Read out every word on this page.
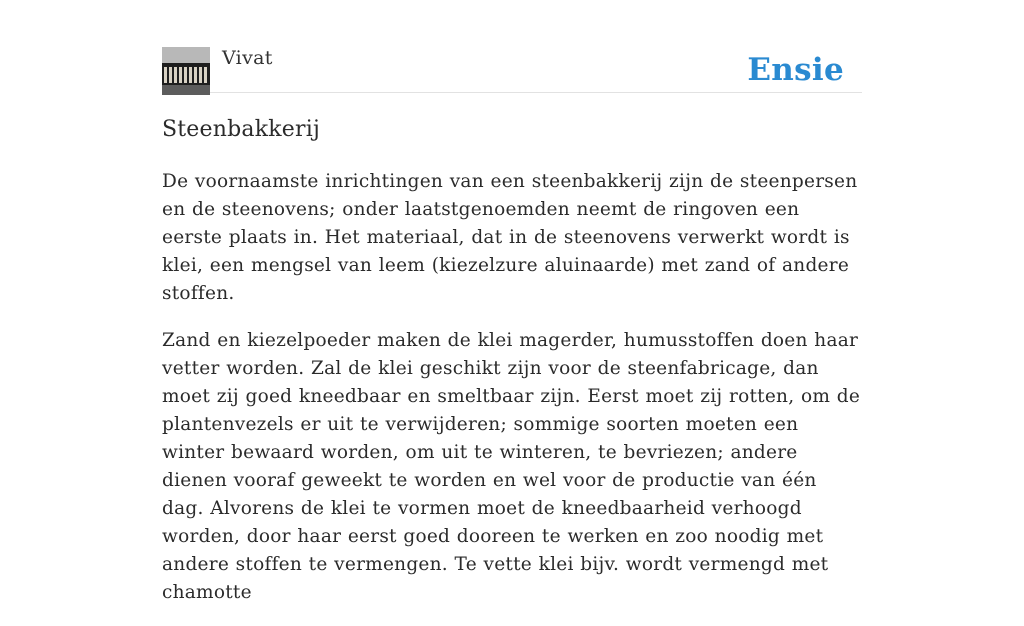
Vivat	Ensie
Steenbakkerij

De voornaamste inrichtingen van een steenbakkerij zijn de steenpersen en de steenovens; onder laatstgenoemden neemt de ringoven een eerste plaats in. Het materiaal, dat in de steenovens verwerkt wordt is klei, een mengsel van leem (kiezelzure aluinaarde) met zand of andere stoffen.

Zand en kiezelpoeder maken de klei magerder, humusstoffen doen haar vetter worden. Zal de klei geschikt zijn voor de steenfabricage, dan moet zij goed kneedbaar en smeltbaar zijn. Eerst moet zij rotten, om de plantenvezels er uit te verwijderen; sommige soorten moeten een winter bewaard worden, om uit te winteren, te bevriezen; andere dienen vooraf geweekt te worden en wel voor de productie van één dag. Alvorens de klei te vormen moet de kneedbaarheid verhoogd worden, door haar eerst goed dooreen te werken en zoo noodig met andere stoffen te vermengen. Te vette klei bijv. wordt vermengd met chamotte
